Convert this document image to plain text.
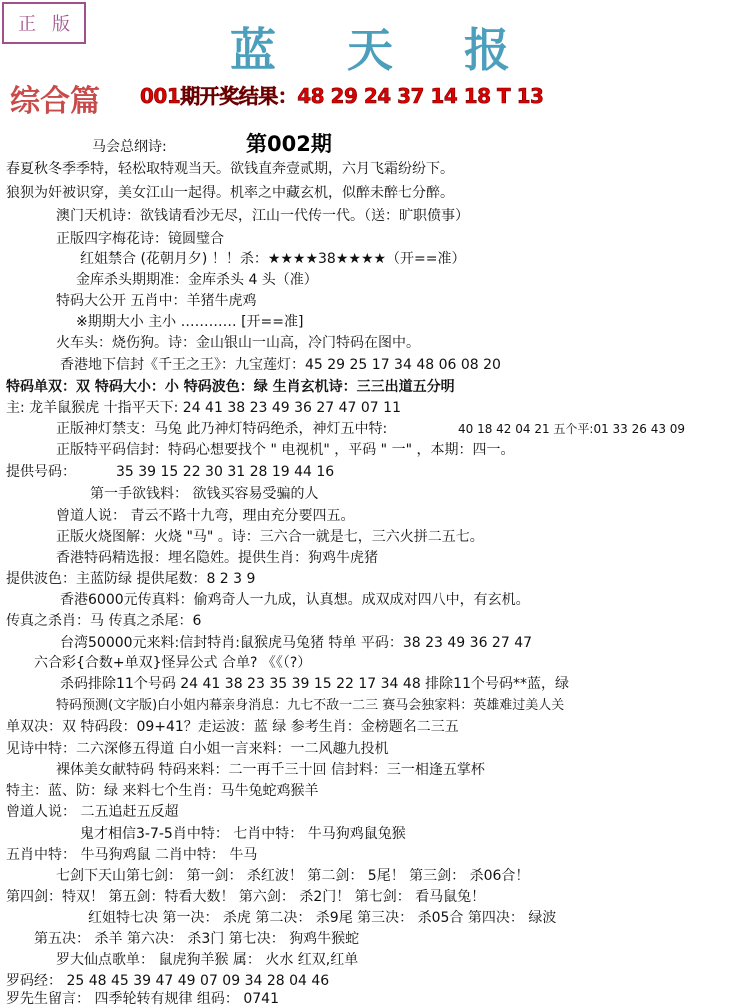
正 版	蓝 天 报
综合篇 001期开奖结果：48 29 24 37 14 18 T 13
第002期
马会总纲诗:
春夏秋冬季季特，轻松取特观当天。欲钱直奔壹贰期，六月飞霜纷纷下。
狼狈为奸被识穿，美女江山一起得。机率之中藏玄机，似醉未醉七分醉。
澳门天机诗：欲钱请看沙无尽，江山一代传一代。（送：旷职偾事）
正版四字梅花诗：镜圆璧合
红姐禁合 (花朝月夕) ！！杀：★★★★38★★★★（开==准）
金库杀头期期准：金库杀头 4 头（准）
特码大公开 五肖中：羊猪牛虎鸡
※期期大小 主小 ………… [开==准]
火车头：烧伤狗。诗：金山银山一山高，冷门特码在图中。
香港地下信封《千王之王》：九宝莲灯：45 29 25 17 34 48 06 08 20
特码单双：双 特码大小：小 特码波色：绿 生肖玄机诗：三三出道五分明
主: 龙羊鼠猴虎 十指平天下: 24 41 38 23 49 36 27 47 07 11
正版神灯禁支：马兔 此乃神灯特码绝杀，神灯五中特:	40 18 42 04 21 五个平:01 33 26 43 09
正版特平码信封：特码心想要找个 " 电视机" ，平码 " 一" ，本期：四一。
提供号码：	35 39 15 22 30 31 28 19 44 16
第一手欲钱料： 欲钱买容易受骗的人
曾道人说： 青云不路十九弯，理由充分要四五。
正版火烧图解：火烧 "马" 。诗：三六合一就是七，三六火拼二五七。
香港特码精选报：埋名隐姓。提供生肖：狗鸡牛虎猪
提供波色：主蓝防绿 提供尾数：8 2 3 9
香港6000元传真料：偷鸡奇人一九成，认真想。成双成对四八中，有玄机。
传真之杀肖：马 传真之杀尾：6
台湾50000元来料:信封特肖:鼠猴虎马兔猪 特单 平码：38 23 49 36 27 47
六合彩{合数+单双}怪异公式 合单? 《《（?）
杀码排除11个号码 24 41 38 23 35 39 15 22 17 34 48 排除11个号码**蓝，绿
特码预测(文字版)白小姐内幕亲身消息：九七不敌一二三 赛马会独家料：英雄难过美人关
单双决：双 特码段：09+41？走运波：蓝 绿 参考生肖：金榜题名二三五
见诗中特：二六深修五得道 白小姐一言来料：一二风趣九投机
裸体美女献特码 特码来料：二一再千三十回 信封料：三一相逢五掌杯
特主：蓝、防：绿 来料七个生肖：马牛兔蛇鸡猴羊
曾道人说： 二五追赶五反超
鬼才相信3-7-5肖中特： 七肖中特： 牛马狗鸡鼠兔猴
五肖中特： 牛马狗鸡鼠 二肖中特： 牛马
七剑下天山第七剑： 第一剑： 杀红波！ 第二剑： 5尾！ 第三剑： 杀06合！
第四剑：特双！ 第五剑：特看大数！ 第六剑： 杀2门！ 第七剑： 看马鼠兔！
红姐特七决 第一决： 杀虎 第二决： 杀9尾 第三决： 杀05合 第四决： 绿波
第五决： 杀羊 第六决： 杀3门 第七决： 狗鸡牛猴蛇
罗大仙点歌单： 鼠虎狗羊猴 属： 火水 红双,红单
罗码经： 25 48 45 39 47 49 07 09 34 28 04 46
罗先生留言： 四季轮转有规律 组码： 0741
